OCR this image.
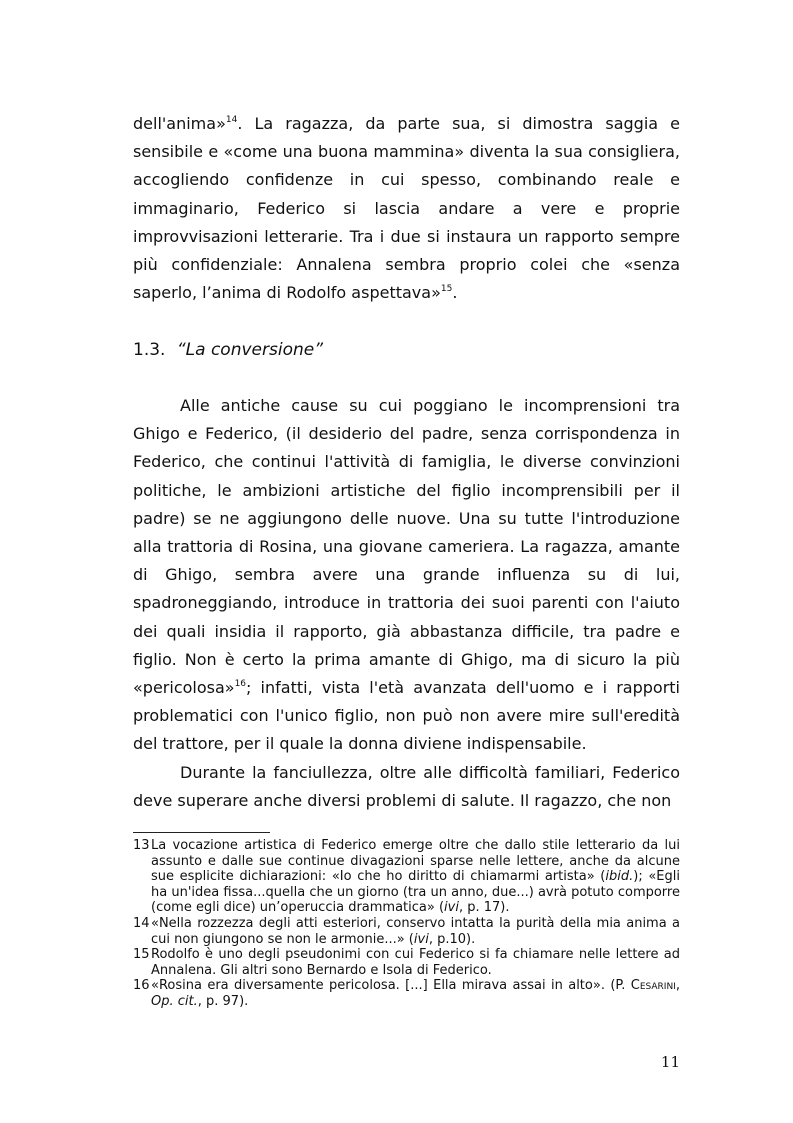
dell'anima»$^{14}$. La ragazza, da parte sua, si dimostra saggia e sensibile e «come una buona mammina» diventa la sua consigliera, accogliendo confidenze in cui spesso, combinando reale e immaginario, Federico si lascia andare a vere e proprie improvvisazioni letterarie. Tra i due si instaura un rapporto sempre più confidenziale: Annalena sembra proprio colei che «senza saperlo, l’anima di Rodolfo aspettava»$^{15}$.

1.3. “La conversione”

Alle antiche cause su cui poggiano le incomprensioni tra Ghigo e Federico, (il desiderio del padre, senza corrispondenza in Federico, che continui l'attività di famiglia, le diverse convinzioni politiche, le ambizioni artistiche del figlio incomprensibili per il padre) se ne aggiungono delle nuove. Una su tutte l'introduzione alla trattoria di Rosina, una giovane cameriera. La ragazza, amante di Ghigo, sembra avere una grande influenza su di lui, spadroneggiando, introduce in trattoria dei suoi parenti con l'aiuto dei quali insidia il rapporto, già abbastanza difficile, tra padre e figlio. Non è certo la prima amante di Ghigo, ma di sicuro la più «pericolosa»$^{16}$; infatti, vista l'età avanzata dell'uomo e i rapporti problematici con l'unico figlio, non può non avere mire sull'eredità del trattore, per il quale la donna diviene indispensabile.

Durante la fanciullezza, oltre alle difficoltà familiari, Federico deve superare anche diversi problemi di salute. Il ragazzo, che non

13 La vocazione artistica di Federico emerge oltre che dallo stile letterario da lui assunto e dalle sue continue divagazioni sparse nelle lettere, anche da alcune sue esplicite dichiarazioni: «Io che ho diritto di chiamarmi artista» (ibid.); «Egli ha un'idea fissa...quella che un giorno (tra un anno, due...) avrà potuto comporre (come egli dice) un’operuccia drammatica» (ivi, p. 17).
14 «Nella rozzezza degli atti esteriori, conservo intatta la purità della mia anima a cui non giungono se non le armonie...» (ivi, p.10).
15 Rodolfo è uno degli pseudonimi con cui Federico si fa chiamare nelle lettere ad Annalena. Gli altri sono Bernardo e Isola di Federico.
16 «Rosina era diversamente pericolosa. [...] Ella mirava assai in alto». (P. Cesarini, Op. cit., p. 97).
11
